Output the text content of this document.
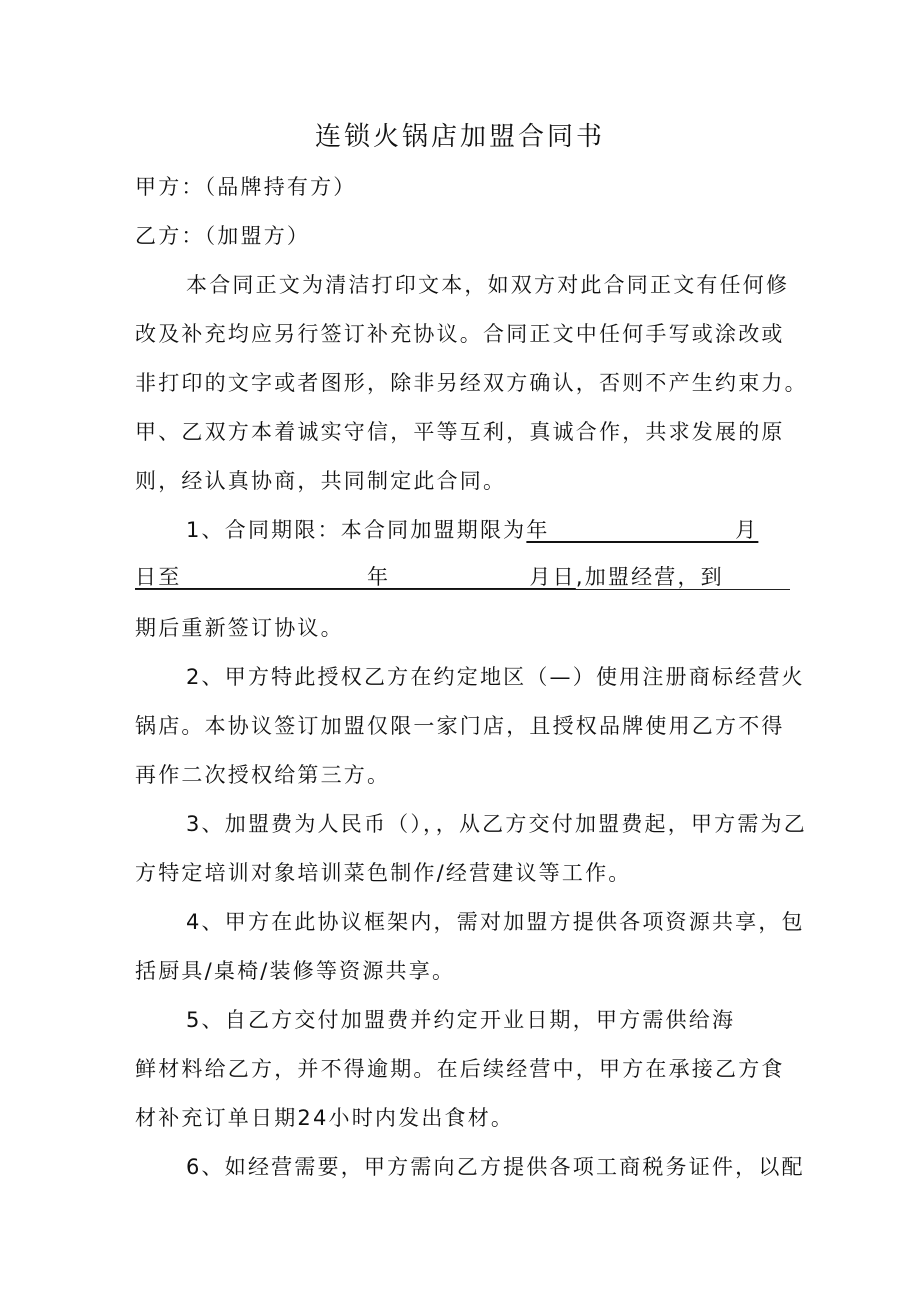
连锁火锅店加盟合同书
甲方：（品牌持有方）
乙方：（加盟方）
本合同正文为清洁打印文本，如双方对此合同正文有任何修
改及补充均应另行签订补充协议。合同正文中任何手写或涂改或
非打印的文字或者图形，除非另经双方确认，否则不产生约束力。
甲、乙双方本着诚实守信，平等互利，真诚合作，共求发展的原
则，经认真协商，共同制定此合同。
1、合同期限：本合同加盟期限为年　　　　　　　　月
日至　　　　　　　　年　　　　　　月日,加盟经营，到
期后重新签订协议。
2、甲方特此授权乙方在约定地区（—）使用注册商标经营火
锅店。本协议签订加盟仅限一家门店，且授权品牌使用乙方不得
再作二次授权给第三方。
3、加盟费为人民币（），，从乙方交付加盟费起，甲方需为乙
方特定培训对象培训菜色制作/经营建议等工作。
4、甲方在此协议框架内，需对加盟方提供各项资源共享，包
括厨具/桌椅/装修等资源共享。
5、自乙方交付加盟费并约定开业日期，甲方需供给海
鲜材料给乙方，并不得逾期。在后续经营中，甲方在承接乙方食
材补充订单日期24小时内发出食材。
6、如经营需要，甲方需向乙方提供各项工商税务证件，以配
